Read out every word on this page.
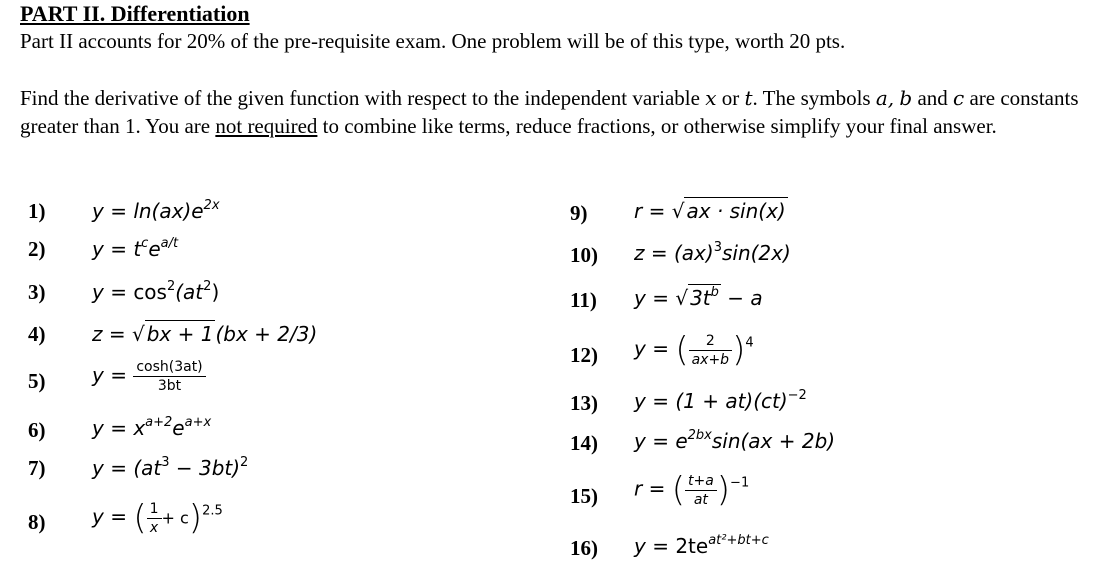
PART II. Differentiation
Part II accounts for 20% of the pre-requisite exam. One problem will be of this type, worth 20 pts.
Find the derivative of the given function with respect to the independent variable x or t. The symbols a, b and c are constants greater than 1. You are not required to combine like terms, reduce fractions, or otherwise simplify your final answer.
1) $y = \ln(ax)e^{2x}$
2) $y = t^ce^{a/t}$
3) $y = \cos^2(at^2)$
4) z = √ bx + 1 (bx + 2/3)
5) $y = \frac{\cosh(3at)}{3bt}$
6) $y = x^{a+2}e^{a+x}$
7) $y = (at^3 - 3bt)^2$
8) y = ( $\frac{1}{x} + c)^{2.5}$
9) r = √ ax · sin(x)
10) z = (ax)$^3$sin(2x)
11) y = √ $3t^b - a$
12) y = ( $\frac{2}{ax+b} )^4$
13) y = (1 + at)(ct)$^{-2}$
14) $y = e^{2bx}\sin(ax + 2b)$
15) r = ( $\frac{t+a}{at} )^{-1}$
16) $y = 2te^{at^2+bt+c}$
